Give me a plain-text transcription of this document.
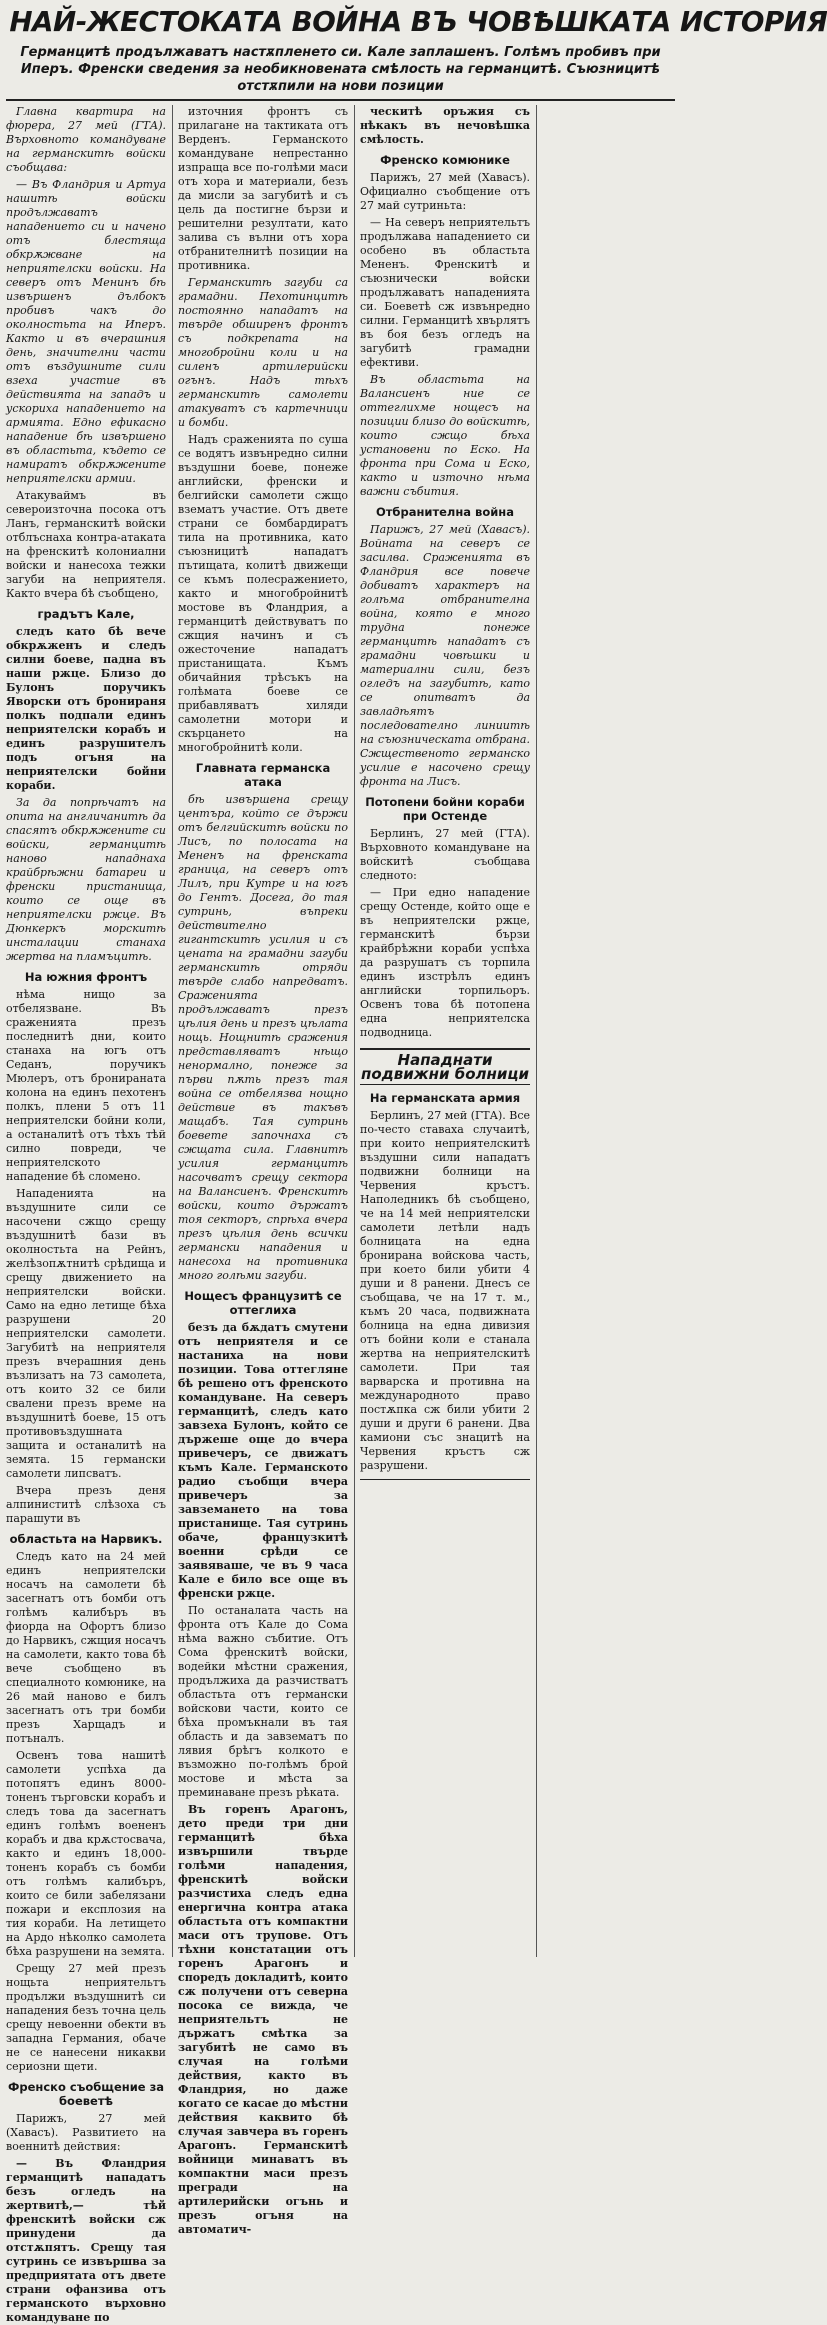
НАЙ-ЖЕСТОКАТА ВОЙНА ВЪ ЧОВѢШКАТА ИСТОРИЯ
Германцитѣ продължаватъ настѫпленето си. Кале заплашенъ. Голѣмъ пробивъ при Иперъ. Френски сведения за необикновената смѣлость на германцитѣ. Съюзницитѣ отстѫпили на нови позиции

Главна квартира на фюрера, 27 мей (ГТА). Върховното командуване на германскитѣ войски съобщава:

— Въ Фландрия и Артуа нашитѣ войски продължаватъ нападението си и начено отъ блестяща обкрѫжване на неприятелски войски. На северъ отъ Менинъ бѣ извършенъ дълбокъ пробивъ чакъ до околностьта на Иперъ. Както и въ вчерашния день, значителни части отъ въздушните сили взеха участие въ действията на западъ и ускориха нападението на армията. Едно ефикасно нападение бѣ извършено въ областьта, където се намиратъ обкрѫжените неприятелски армии.

Атакуваймъ въ североизточна посока отъ Ланъ, германскитѣ войски отблъснаха контра-атаката на френскитѣ колониални войски и нанесоха тежки загуби на неприятеля. Както вчера бѣ съобщено,

градътъ Кале,

следъ като бѣ вече обкрѫженъ и следъ силни боеве, падна въ наши ржце. Близо до Булонъ поручикъ Яворски отъ бронираня полкъ подпали единъ неприятелски корабъ и единъ разрушителъ подъ огъня на неприятелски бойни кораби.

За да попрѣчатъ на опита на англичанитѣ да спасятъ обкрѫжените си войски, германцитѣ наново нападнаха крайбрѣжни батареи и френски пристанища, които се още въ неприятелски ржце. Въ Дюнкеркъ морскитѣ инсталации станаха жертва на пламъцитѣ.

На южния фронтъ

нѣма нищо за отбелязване. Въ сраженията презъ последнитѣ дни, които станаха на югъ отъ Седанъ, поручикъ Мюлеръ, отъ бронираната колона на единъ пехотенъ полкъ, плени 5 отъ 11 неприятелски бойни коли, а останалитѣ отъ тѣхъ тѣй силно повреди, че неприятелското нападение бѣ сломено.

Нападенията на въздушните сили се насочени сжщо срещу въздушнитѣ бази въ околностьта на Рейнъ, желѣзопѫтнитѣ срѣдища и срещу движението на неприятелски войски. Само на едно летище бѣха разрушени 20 неприятелски самолети. Загубитѣ на неприятеля презъ вчерашния день възлизатъ на 73 самолета, отъ които 32 се били свалени презъ време на въздушнитѣ боеве, 15 отъ противовъздушната защита и останалитѣ на земята. 15 германски самолети липсватъ.

Вчера презъ деня алпиниститѣ слѣзоха съ парашути въ

областьта на Нарвикъ.

Следъ като на 24 мей единъ неприятелски носачъ на самолети бѣ засегнатъ отъ бомби отъ голѣмъ калибъръ въ фиорда на Офортъ близо до Нарвикъ, сжщия носачъ на самолети, както това бѣ вече съобщено въ специалното комюнике, на 26 май наново е билъ засегнатъ отъ три бомби презъ Харщадъ и потъналъ.

Освенъ това нашитѣ самолети успѣха да потопятъ единъ 8000-тоненъ търговски корабъ и следъ това да засегнатъ единъ голѣмъ воененъ корабъ и два крѫстосвача, както и единъ 18,000-тоненъ корабъ съ бомби отъ голѣмъ калибъръ, които се били забелязани пожари и експлозия на тия кораби. На летището на Ардо нѣколко самолета бѣха разрушени на земята.

Срещу 27 мей презъ нощьта неприятельтъ продължи въздушнитѣ си нападения безъ точна цель срещу невоенни обекти въ западна Германия, обаче не се нанесени никакви сериозни щети.

Френско съобщение за боеветѣ

Парижъ, 27 мей (Хавасъ). Развитието на военнитѣ действия:

— Въ Фландрия германцитѣ нападатъ безъ огледъ на жертвитѣ,— тѣй френскитѣ войски сж принудени да отстѫпятъ. Срещу тая сутринь се извършва за предприятата отъ двете страни офанзива отъ германското върховно командуване по

източния фронтъ съ прилагане на тактиката отъ Верденъ. Германското командуване непрестанно изпраща все по-голѣми маси отъ хора и материали, безъ да мисли за загубитѣ и съ цель да постигне бързи и решителни резултати, като залива съ вълни отъ хора отбранителнитѣ позиции на противника.

Германскитѣ загуби са грамадни. Пехотинцитѣ постоянно нападатъ на твърде обширенъ фронтъ съ подкрепата на многобройни коли и на силенъ артилерийски огънъ. Надъ тѣхъ германскитѣ самолети атакуватъ съ картечници и бомби.

Надъ сраженията по суша се водятъ извънредно силни въздушни боеве, понеже английски, френски и белгийски самолети сжщо взематъ участие. Отъ двете страни се бомбардиратъ тила на противника, като съюзницитѣ нападатъ пътищата, колитѣ движещи се къмъ полесражението, както и многобройнитѣ мостове въ Фландрия, а германцитѣ действуватъ по сжщия начинъ и съ ожесточение нападатъ пристанищата. Къмъ обичайния трѣсъкъ на голѣмата боеве се прибавляватъ хиляди самолетни мотори и скърцането на многобройнитѣ коли.

Главната германска атака

бѣ извършена срещу центъра, който се държи отъ белгийскитѣ войски по Лисъ, по полосата на Мененъ на френската граница, на северъ отъ Лилъ, при Кутре и на югъ до Гентъ. Досега, до тая сутринь, въпреки действително гигантскитѣ усилия и съ цената на грамадни загуби германскитѣ отряди твърде слабо напредватъ. Сраженията продължаватъ презъ цѣлия день и презъ цѣлата нощь. Нощнитѣ сражения представляватъ нѣщо ненормално, понеже за първи пѫть презъ тая война се отбелязва нощно действие въ такъвъ мащабъ. Тая сутринь боевете започнаха съ сжщата сила. Главнитѣ усилия германцитѣ насочватъ срещу сектора на Валансиенъ. Френскитѣ войски, които държатъ тоя секторъ, спрѣха вчера презъ цѣлия день всички германски нападения и нанесоха на противника много голѣми загуби.

Нощесъ французитѣ се оттеглиха

безъ да бѫдатъ смутени отъ неприятеля и се настаниха на нови позиции. Това оттегляне бѣ решено отъ френското командуване. На северъ германцитѣ, следъ като завзеха Булонъ, който се държеше още до вчера привечеръ, се движатъ къмъ Кале. Германското радио съобщи вчера привечеръ за завземането на това пристанище. Тая сутринь обаче, французкитѣ военни срѣди се заявяваше, че въ 9 часа Кале е било все още въ френски ржце.

По останалата часть на фронта отъ Кале до Сома нѣма важно събитие. Отъ Сома френскитѣ войски, водейки мѣстни сражения, продължиха да разчистватъ областьта отъ германски войскови части, които се бѣха промъкнали въ тая область и да завзематъ по лявия брѣгъ колкото е възможно по-голѣмъ брой мостове и мѣста за преминаване презъ рѣката.

Въ горенъ Арагонъ, дето преди три дни германцитѣ бѣха извършили твърде голѣми нападения, френскитѣ войски разчистиха следъ една енергична контра атака областьта отъ компактни маси отъ трупове. Отъ тѣхни констатации отъ горенъ Арагонъ и споредъ докладитѣ, които сж получени отъ северна посока се вижда, че неприятельтъ не държатъ смѣтка за загубитѣ не само въ случая на голѣми действия, както въ Фландрия, но даже когато се касае до мѣстни действия каквито бѣ случая завчера въ горенъ Арагонъ. Германскитѣ войници минаватъ въ компактни маси презъ прегради на артилерийски огънь и презъ огъня на автоматич-

ческитѣ оръжия съ нѣкакъ въ нечовѣшка смѣлость.

Френско комюнике

Парижъ, 27 мей (Хавасъ). Официално съобщение отъ 27 май сутриньта:

— На северъ неприятельтъ продължава нападението си особено въ областьта Мененъ. Френскитѣ и съюзнически войски продължаватъ нападенията си. Боеветѣ сж извънредно силни. Германцитѣ хвърлятъ въ боя безъ огледъ на загубитѣ грамадни ефективи.

Въ областьта на Валансиенъ ние се оттеглихме нощесъ на позиции близо до войскитѣ, които сжщо бѣха установени по Ескo. На фронта при Сома и Ескo, както и източно нѣма важни събития.

Отбранителна война

Парижъ, 27 мей (Хавасъ). Войната на северъ се засилва. Сраженията въ Фландрия все повече добиватъ характеръ на голѣма отбранителна война, която е много трудна понеже германцитѣ нападатъ съ грамадни човѣшки и материални сили, безъ огледъ на загубитѣ, като се опитватъ да завладѣятъ последователно линиитѣ на съюзническата отбрана. Сжщественото германско усилие е насочено срещу фронта на Лисъ.

Потопени бойни кораби при Остенде

Берлинъ, 27 мей (ГТА). Върховното командуване на войскитѣ съобщава следното:

— При едно нападение срещу Остенде, който още е въ неприятелски ржце, германскитѣ бързи крайбрѣжни кораби успѣха да разрушатъ съ торпила единъ изстрѣлъ единъ английски торпильоръ. Освенъ това бѣ потопена една неприятелска подводница.

Нападнати подвижни болници
На германската армия

Берлинъ, 27 мей (ГТА). Все по-често ставаха случаитѣ, при които неприятелскитѣ въздушни сили нападатъ подвижни болници на Червения кръстъ. Наполедникъ бѣ съобщено, че на 14 мей неприятелски самолети летѣли надъ болницата на една бронирана войскова часть, при което били убити 4 души и 8 ранени. Днесъ се съобщава, че на 17 т. м., къмъ 20 часа, подвижната болница на една дивизия отъ бойни коли е станала жертва на неприятелскитѣ самолети. При тая варварска и противна на международното право постѫпка сж били убити 2 души и други 6 ранени. Два камиони със знацитѣ на Червения кръстъ сж разрушени.
